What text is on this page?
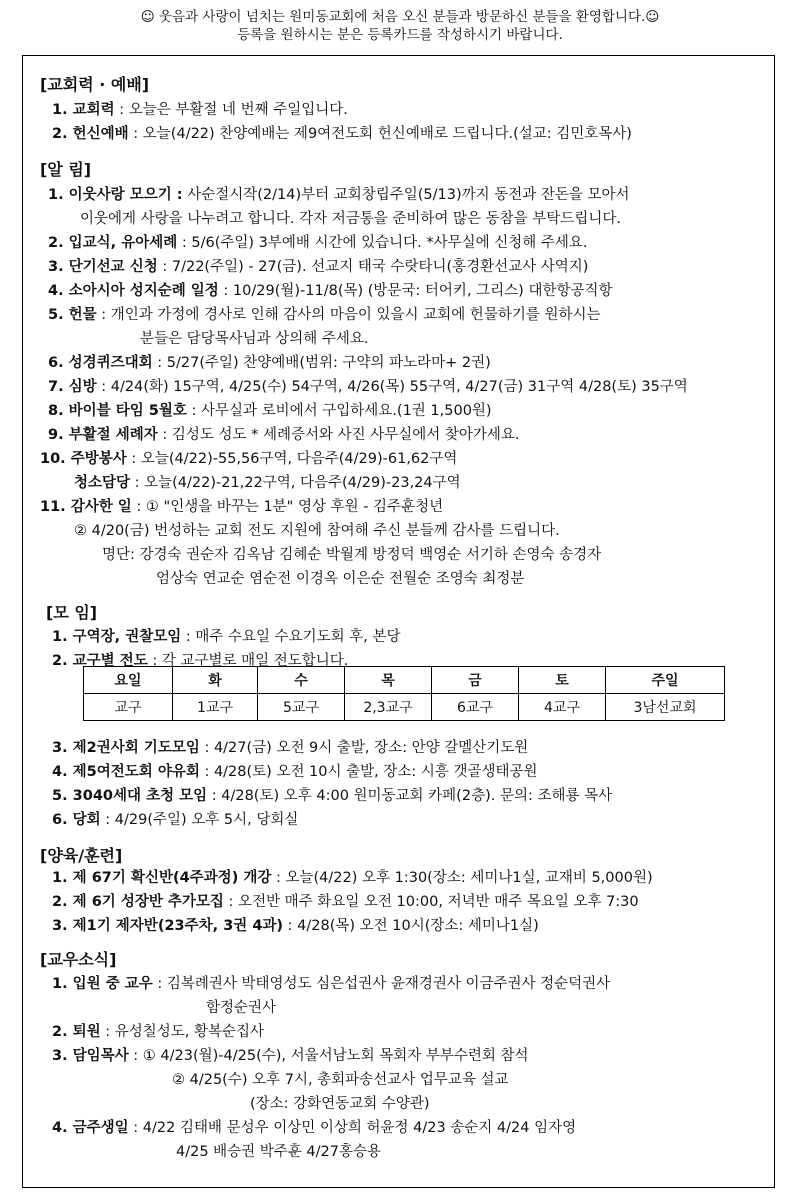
☺ 웃음과 사랑이 넘치는 원미동교회에 처음 오신 분들과 방문하신 분들을 환영합니다.☺
등록을 원하시는 분은 등록카드를 작성하시기 바랍니다.
[교회력 · 예배]
1. 교회력 : 오늘은 부활절 네 번째 주일입니다.
2. 헌신예배 : 오늘(4/22) 찬양예배는 제9여전도회 헌신예배로 드립니다.(설교: 김민호목사)
[알 림]
1. 이웃사랑 모으기 : 사순절시작(2/14)부터 교회창립주일(5/13)까지 동전과 잔돈을 모아서
이웃에게 사랑을 나누려고 합니다. 각자 저금통을 준비하여 많은 동참을 부탁드립니다.
2. 입교식, 유아세례 : 5/6(주일) 3부예배 시간에 있습니다. *사무실에 신청해 주세요.
3. 단기선교 신청 : 7/22(주일) - 27(금). 선교지 태국 수랏타니(홍경환선교사 사역지)
4. 소아시아 성지순례 일정 : 10/29(월)-11/8(목) (방문국: 터어키, 그리스) 대한항공직항
5. 헌물 : 개인과 가정에 경사로 인해 감사의 마음이 있을시 교회에 헌물하기를 원하시는
분들은 담당목사님과 상의해 주세요.
6. 성경퀴즈대회 : 5/27(주일) 찬양예배(범위: 구약의 파노라마+ 2권)
7. 심방 : 4/24(화) 15구역, 4/25(수) 54구역, 4/26(목) 55구역, 4/27(금) 31구역 4/28(토) 35구역
8. 바이블 타임 5월호 : 사무실과 로비에서 구입하세요.(1권 1,500원)
9. 부활절 세례자 : 김성도 성도 * 세례증서와 사진 사무실에서 찾아가세요.
10. 주방봉사 : 오늘(4/22)-55,56구역, 다음주(4/29)-61,62구역
청소담당 : 오늘(4/22)-21,22구역, 다음주(4/29)-23,24구역
11. 감사한 일 : ① "인생을 바꾸는 1분" 영상 후원 - 김주훈청년
② 4/20(금) 번성하는 교회 전도 지원에 참여해 주신 분들께 감사를 드립니다.
명단: 강경숙 권순자 김옥남 김혜순 박월계 방정덕 백영순 서기하 손영숙 송경자
엄상숙 연교순 염순전 이경옥 이은순 전월순 조영숙 최정분
[모 임]
1. 구역장, 권찰모임 : 매주 수요일 수요기도회 후, 본당
2. 교구별 전도 : 각 교구별로 매일 전도합니다.
요일	화	수	목	금	토	주일
교구	1교구	5교구	2,3교구	6교구	4교구	3남선교회
3. 제2권사회 기도모임 : 4/27(금) 오전 9시 출발, 장소: 안양 갈멜산기도원
4. 제5여전도회 야유회 : 4/28(토) 오전 10시 출발, 장소: 시흥 갯골생태공원
5. 3040세대 초청 모임 : 4/28(토) 오후 4:00 원미동교회 카페(2층). 문의: 조해룡 목사
6. 당회 : 4/29(주일) 오후 5시, 당회실
[양육/훈련]
1. 제 67기 확신반(4주과정) 개강 : 오늘(4/22) 오후 1:30(장소: 세미나1실, 교재비 5,000원)
2. 제 6기 성장반 추가모집 : 오전반 매주 화요일 오전 10:00, 저녁반 매주 목요일 오후 7:30
3. 제1기 제자반(23주차, 3권 4과) : 4/28(목) 오전 10시(장소: 세미나1실)
[교우소식]
1. 입원 중 교우 : 김복례권사 박태영성도 심은섭권사 윤재경권사 이금주권사 정순덕권사
함정순권사
2. 퇴원 : 유성칠성도, 황복순집사
3. 담임목사 : ① 4/23(월)-4/25(수), 서울서남노회 목회자 부부수련회 참석
② 4/25(수) 오후 7시, 총회파송선교사 업무교육 설교
(장소: 강화연동교회 수양관)
4. 금주생일 : 4/22 김태배 문성우 이상민 이상희 허윤정 4/23 송순지 4/24 임자영
4/25 배승권 박주훈 4/27홍승용
